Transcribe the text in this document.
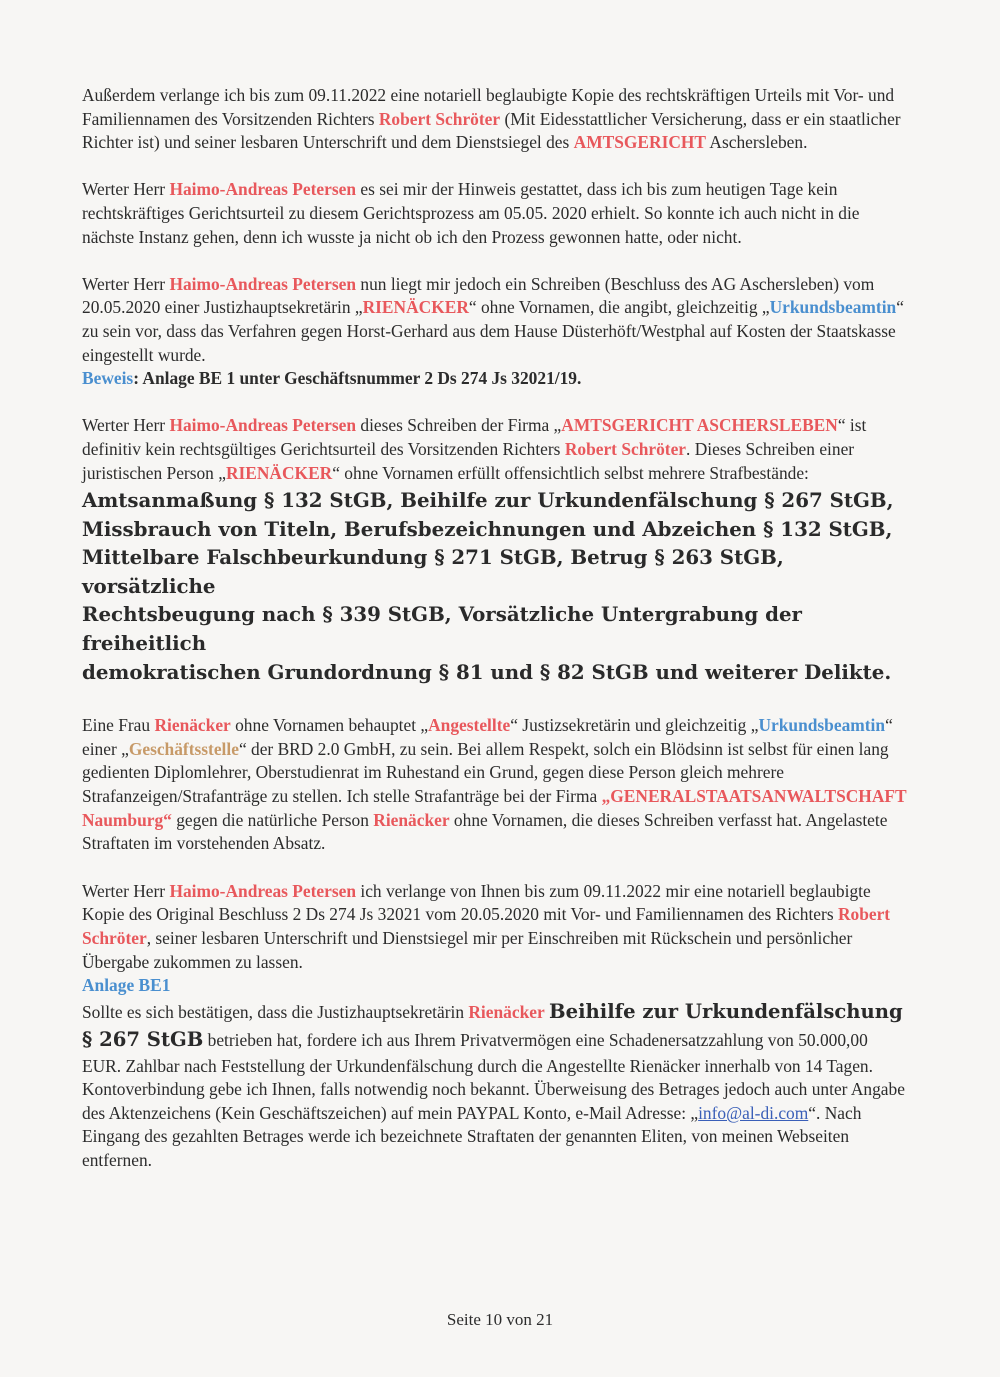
Außerdem verlange ich bis zum 09.11.2022 eine notariell beglaubigte Kopie des rechtskräftigen Urteils mit Vor- und Familiennamen des Vorsitzenden Richters Robert Schröter (Mit Eidesstattlicher Versicherung, dass er ein staatlicher Richter ist) und seiner lesbaren Unterschrift und dem Dienstsiegel des AMTSGERICHT Aschersleben.

Werter Herr Haimo-Andreas Petersen es sei mir der Hinweis gestattet, dass ich bis zum heutigen Tage kein rechtskräftiges Gerichtsurteil zu diesem Gerichtsprozess am 05.05. 2020 erhielt. So konnte ich auch nicht in die nächste Instanz gehen, denn ich wusste ja nicht ob ich den Prozess gewonnen hatte, oder nicht.

Werter Herr Haimo-Andreas Petersen nun liegt mir jedoch ein Schreiben (Beschluss des AG Aschersleben) vom 20.05.2020 einer Justizhauptsekretärin „RIENÄCKER“ ohne Vornamen, die angibt, gleichzeitig „Urkundsbeamtin“ zu sein vor, dass das Verfahren gegen Horst-Gerhard aus dem Hause Düsterhöft/Westphal auf Kosten der Staatskasse eingestellt wurde.

Beweis: Anlage BE 1 unter Geschäftsnummer 2 Ds 274 Js 32021/19.

Werter Herr Haimo-Andreas Petersen dieses Schreiben der Firma „AMTSGERICHT ASCHERSLEBEN“ ist definitiv kein rechtsgültiges Gerichtsurteil des Vorsitzenden Richters Robert Schröter. Dieses Schreiben einer juristischen Person „RIENÄCKER“ ohne Vornamen erfüllt offensichtlich selbst mehrere Strafbestände:

Amtsanmaßung § 132 StGB, Beihilfe zur Urkundenfälschung § 267 StGB,

Missbrauch von Titeln, Berufsbezeichnungen und Abzeichen § 132 StGB,

Mittelbare Falschbeurkundung § 271 StGB, Betrug § 263 StGB, vorsätzliche

Rechtsbeugung nach § 339 StGB, Vorsätzliche Untergrabung der freiheitlich

demokratischen Grundordnung § 81 und § 82 StGB und weiterer Delikte.

Eine Frau Rienäcker ohne Vornamen behauptet „Angestellte“ Justizsekretärin und gleichzeitig „Urkundsbeamtin“ einer „Geschäftsstelle“ der BRD 2.0 GmbH, zu sein. Bei allem Respekt, solch ein Blödsinn ist selbst für einen lang gedienten Diplomlehrer, Oberstudienrat im Ruhestand ein Grund, gegen diese Person gleich mehrere Strafanzeigen/Strafanträge zu stellen. Ich stelle Strafanträge bei der Firma „GENERALSTAATSANWALTSCHAFT Naumburg“ gegen die natürliche Person Rienäcker ohne Vornamen, die dieses Schreiben verfasst hat. Angelastete Straftaten im vorstehenden Absatz.

Werter Herr Haimo-Andreas Petersen ich verlange von Ihnen bis zum 09.11.2022 mir eine notariell beglaubigte Kopie des Original Beschluss 2 Ds 274 Js 32021 vom 20.05.2020 mit Vor- und Familiennamen des Richters Robert Schröter, seiner lesbaren Unterschrift und Dienstsiegel mir per Einschreiben mit Rückschein und persönlicher Übergabe zukommen zu lassen.

Anlage BE1

Sollte es sich bestätigen, dass die Justizhauptsekretärin Rienäcker Beihilfe zur Urkundenfälschung § 267 StGB betrieben hat, fordere ich aus Ihrem Privatvermögen eine Schadenersatzzahlung von 50.000,00 EUR. Zahlbar nach Feststellung der Urkundenfälschung durch die Angestellte Rienäcker innerhalb von 14 Tagen. Kontoverbindung gebe ich Ihnen, falls notwendig noch bekannt. Überweisung des Betrages jedoch auch unter Angabe des Aktenzeichens (Kein Geschäftszeichen) auf mein PAYPAL Konto, e-Mail Adresse: „info@al-di.com“. Nach Eingang des gezahlten Betrages werde ich bezeichnete Straftaten der genannten Eliten, von meinen Webseiten entfernen.

Seite 10 von 21
